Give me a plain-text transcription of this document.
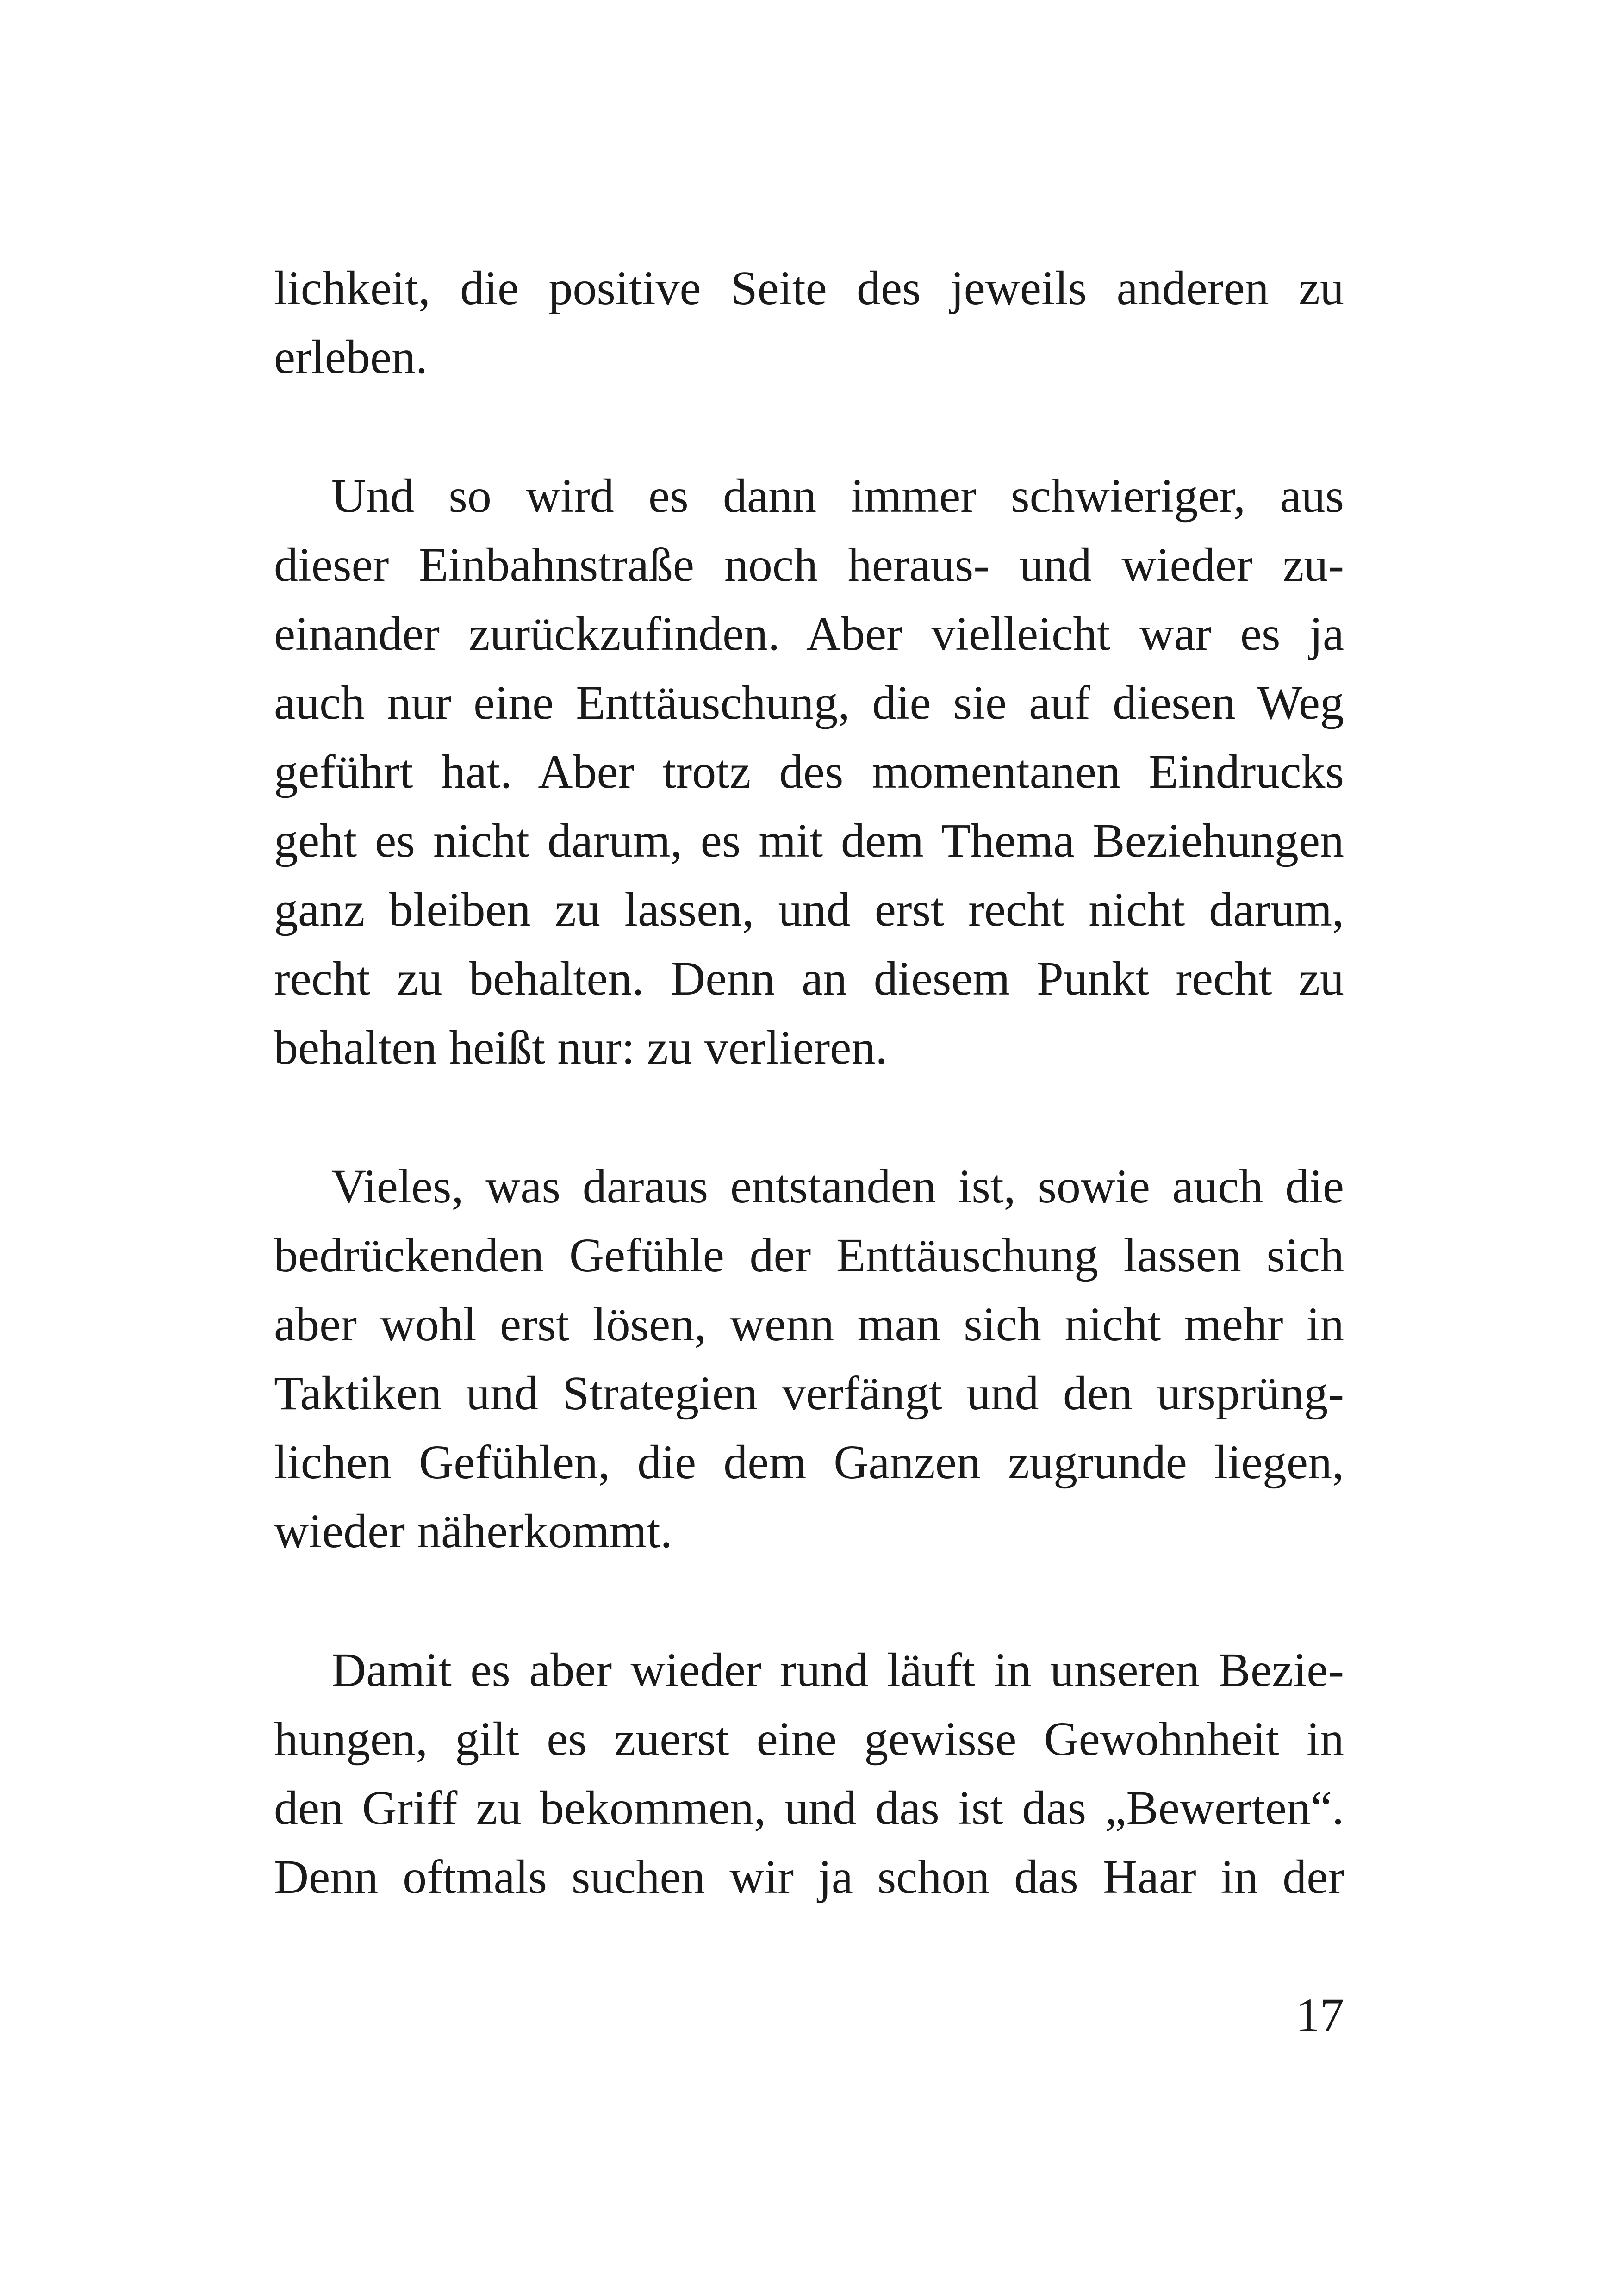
lichkeit, die positive Seite des jeweils anderen zu
erleben.

Und so wird es dann immer schwieriger, aus
dieser Einbahnstraße noch heraus- und wieder zu-
einander zurückzufinden. Aber vielleicht war es ja
auch nur eine Enttäuschung, die sie auf diesen Weg
geführt hat. Aber trotz des momentanen Eindrucks
geht es nicht darum, es mit dem Thema Beziehungen
ganz bleiben zu lassen, und erst recht nicht darum,
recht zu behalten. Denn an diesem Punkt recht zu
behalten heißt nur: zu verlieren.

Vieles, was daraus entstanden ist, sowie auch die
bedrückenden Gefühle der Enttäuschung lassen sich
aber wohl erst lösen, wenn man sich nicht mehr in
Taktiken und Strategien verfängt und den ursprüng-
lichen Gefühlen, die dem Ganzen zugrunde liegen,
wieder näherkommt.

Damit es aber wieder rund läuft in unseren Bezie-
hungen, gilt es zuerst eine gewisse Gewohnheit in
den Griff zu bekommen, und das ist das „Bewerten“.
Denn oftmals suchen wir ja schon das Haar in der

17
